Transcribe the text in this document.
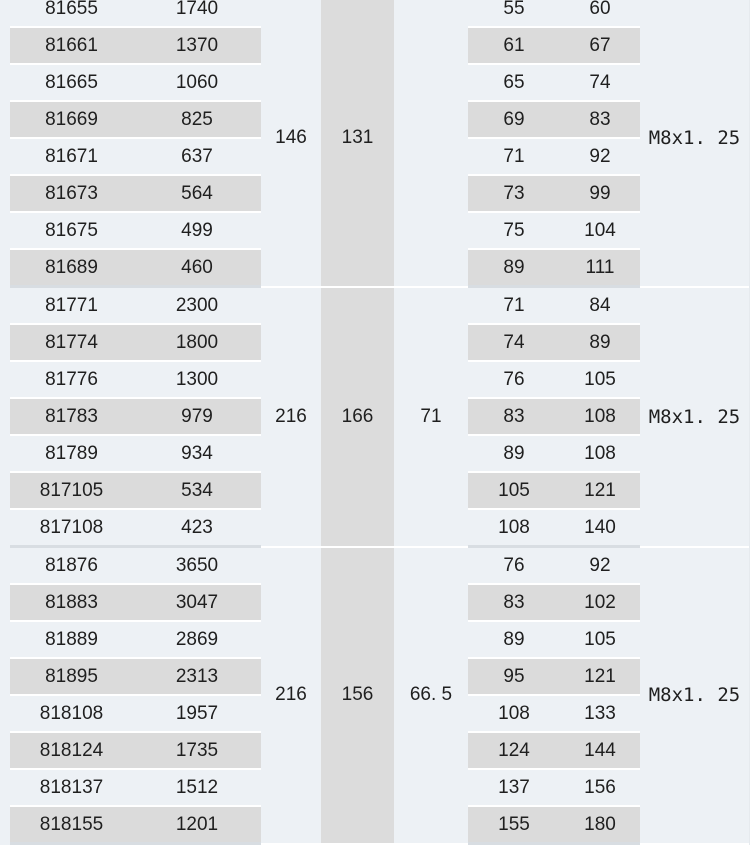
81655	1740	146	131		55	60	M8x1. 25
81661	1370				61	67	
81665	1060				65	74	
81669	825				69	83	
81671	637				71	92	
81673	564				73	99	
81675	499				75	104	
81689	460				89	111	
81771	2300	216	166	71	71	84	M8x1. 25
81774	1800				74	89	
81776	1300				76	105	
81783	979				83	108	
81789	934				89	108	
817105	534				105	121	
817108	423				108	140	
81876	3650	216	156	66. 5	76	92	M8x1. 25
81883	3047				83	102	
81889	2869				89	105	
81895	2313				95	121	
818108	1957				108	133	
818124	1735				124	144	
818137	1512				137	156	
818155	1201				155	180	
